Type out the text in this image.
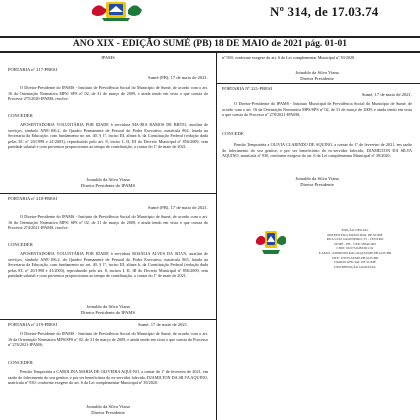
Nº 314, de 17.03.74
ANO XIX - EDIÇÃO SUMÉ (PB) 18 DE MAIO de 2021 pág. 01-01
IPAMS
PORTARIA nº 217-PRESI
Sumé (PB), 17 de maio de 2021.
O Diretor-Presidente do IPAMS - Instituto de Previdência Social do Município de Sumé, de acordo com o art. 16 da Orientação Normativa MPS/ SPS nº 02, de 31 de março de 2009, e ainda tendo em vista o que consta do Processe 275/2020-IPAMS, resolve:
CONCEDER
APOSENTADORIA VOLUNTÁRIA POR IDADE à servidora MA-RIA RAMOS DE BRITO, auxiliar de serviços, símbolo ANE-106.2, do Quadro Permanente de Pessoal do Poder Executivo, matrícula 862, lotada na Secretaria da Educação, com fundamento no art. 40, § 1º, inciso III, alínea b, da Constituição Federal (redação dada pelas EC nº 20/1998 e 41/2003), reproduzido pelo art. 8, inciso I, II, III do Decreto Municipal nº 856/2009, sem paridade salarial e com proventos proporcionais ao tempo de contribuição, a contar do 1º de maio de 2021.
Joinaldo da Silva Viana
Diretor Presidente do IPAMS
PORTARIA nº 218-PRESI
Sumé (PB), 17 de maio de 2021.
O Diretor-Presidente do IPAMS - Instituto de Previdência Social do Município de Sumé, de acordo com o art. 16 da Orientação Normativa MPS/ SPS nº 02, de 31 de março de 2009, e ainda tendo em vista o que consta do Processe 274/2021-IPAMS, resolve:
CONCEDER
APOSENTADORIA VOLUNTÁRIA POR IDADE à servidora ROSÁLIA ALVES DA SILVA, auxiliar de serviços, símbolo ANE-106.2, do Quadro Permanente de Pessoal do Poder Executivo, matrícula 863, lotada na Secretaria da Educação, com fundamento no art. 40, § 1º, inciso III, alínea b, da Constituição Federal (redação dada pelas EC nº 20/1998 e 41/2003), reproduzido pelo art. 8, incisos I, II, III do Decreto Municipal nº 856/2009, sem paridade salarial e com proventos proporcionais ao tempo de contribuição, a contar do 1º de maio de 2021.
Joinaldo da Silva Viana
Diretor Presidente do IPAMS
PORTARIA nº 219-PRESI	Sumé, 17 de maio de 2021.
O Diretor-Presidente do IPAMS - Instituto de Previdência Social do Município de Sumé, de acordo com o art. 16 da Orientação Normativa MPS/SPS nº 02, de 31 de março de 2009, e ainda tendo em vista o que consta do Processo nº 276/2021-IPAMS,
CONCEDER
Pensão Temporária a CAROLINA MARIA DE OLIVEIRA AQUI-NO, a contar do 1º de fevereiro de 2021, em razão do falecimento do seu genitor, e por ser beneficiária do ex-servidor falecido, DJAMILTON DA SILVA AQUINO, matrícula nº 930, conforme exegese do art. 6 da Lei complementar Municipal nº 39/2020.
Joinaldo da Silva Viana
Diretor Presidente
nº 930, conforme exegese do art. 6 da Lei complementar Municipal nº 39/2020.
Joinaldo da Silva Viana
Diretor Presidente
PORTARIA Nº 221-PRESI
Sumé, 17 de maio de 2021.
O Diretor-Presidente do IPAMS - Instituto Municipal de Previdência Social do Município de Sumé, de acordo com o art. 16 da Orientação Normativa MPS/SPS nº 02, de 31 de março de 2009, e ainda tendo em vista o que consta do Processo nº 278/2021-IPAMS,
CONCEDE
Pensão Temporária a OLIVIA CLARINDO DE AQUINO, a contar do 1º de fevereiro de 2021, em razão do falecimento do seu genitor, e por ser beneficiário do ex-servidor falecido, DJAMILTON DA SILVA AQUINO, matrícula nº 930, conforme exegese do art. 6 da Lei complementar Municipal nº 39/2020.
Joinaldo da Silva Viana
Diretor Presidente
EDIÇÃO OFICIAL
PREFEITURA MUNICIPAL DE SUMÉ
RUA LUIZ GRANJEIRO, 55 - CENTRO
SUMÉ - PB - CEP: 58540-000
CNPJ: 09.073.628/0001-91
E-MAIL: ADMINISTRACAO@SUME.PB.GOV.BR
SITE: WWW.SUME.PB.GOV.BR
DIARIO OFICIAL DE SUMÉ
DISTRIBUIÇÃO GRATUITA
